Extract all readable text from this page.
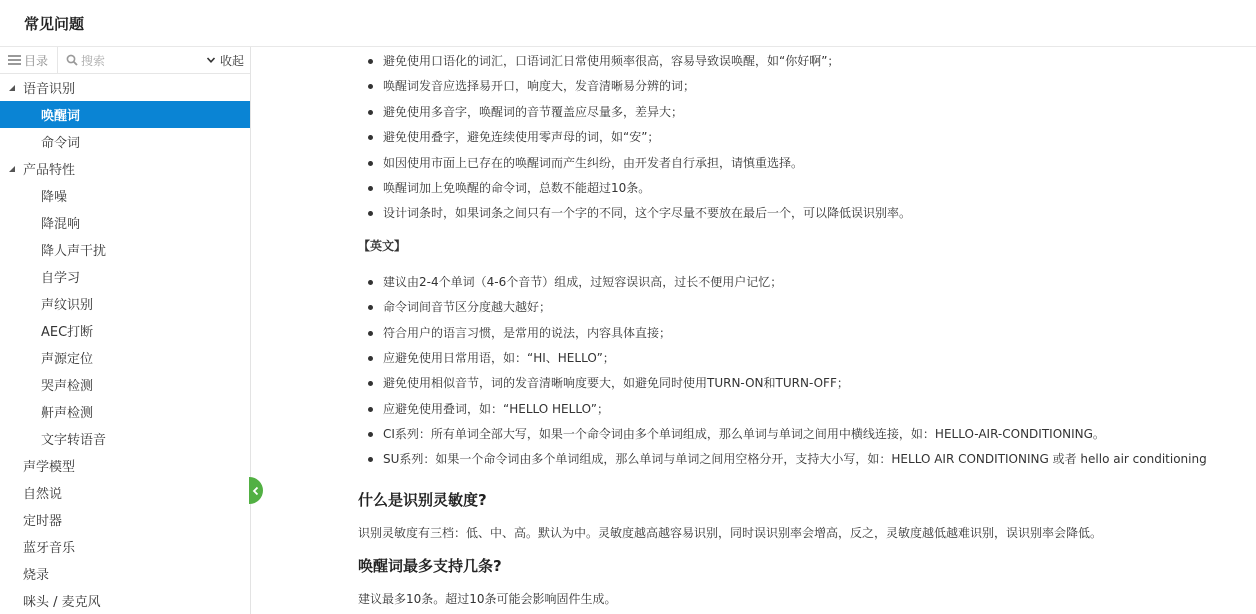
常见问题
目录	搜索	收起
语音识别
唤醒词
命令词
产品特性
降噪
降混响
降人声干扰
自学习
声纹识别
AEC打断
声源定位
哭声检测
鼾声检测
文字转语音
声学模型
自然说
定时器
蓝牙音乐
烧录
咪头 / 麦克风
避免使用口语化的词汇，口语词汇日常使用频率很高，容易导致误唤醒，如“你好啊”；
唤醒词发音应选择易开口，响度大，发音清晰易分辨的词；
避免使用多音字，唤醒词的音节覆盖应尽量多，差异大；
避免使用叠字，避免连续使用零声母的词，如“安”；
如因使用市面上已存在的唤醒词而产生纠纷，由开发者自行承担，请慎重选择。
唤醒词加上免唤醒的命令词，总数不能超过10条。
设计词条时，如果词条之间只有一个字的不同，这个字尽量不要放在最后一个，可以降低误识别率。
【英文】
建议由2-4个单词（4-6个音节）组成，过短容误识高，过长不便用户记忆；
命令词间音节区分度越大越好；
符合用户的语言习惯，是常用的说法，内容具体直接；
应避免使用日常用语，如：“HI、HELLO”；
避免使用相似音节，词的发音清晰响度要大，如避免同时使用TURN-ON和TURN-OFF；
应避免使用叠词，如：“HELLO HELLO”；
CI系列：所有单词全部大写，如果一个命令词由多个单词组成，那么单词与单词之间用中横线连接，如：HELLO-AIR-CONDITIONING。
SU系列：如果一个命令词由多个单词组成，那么单词与单词之间用空格分开，支持大小写，如：HELLO AIR CONDITIONING 或者 hello air conditioning
什么是识别灵敏度?
识别灵敏度有三档：低、中、高。默认为中。灵敏度越高越容易识别，同时误识别率会增高，反之，灵敏度越低越难识别，误识别率会降低。
唤醒词最多支持几条?
建议最多10条。超过10条可能会影响固件生成。
